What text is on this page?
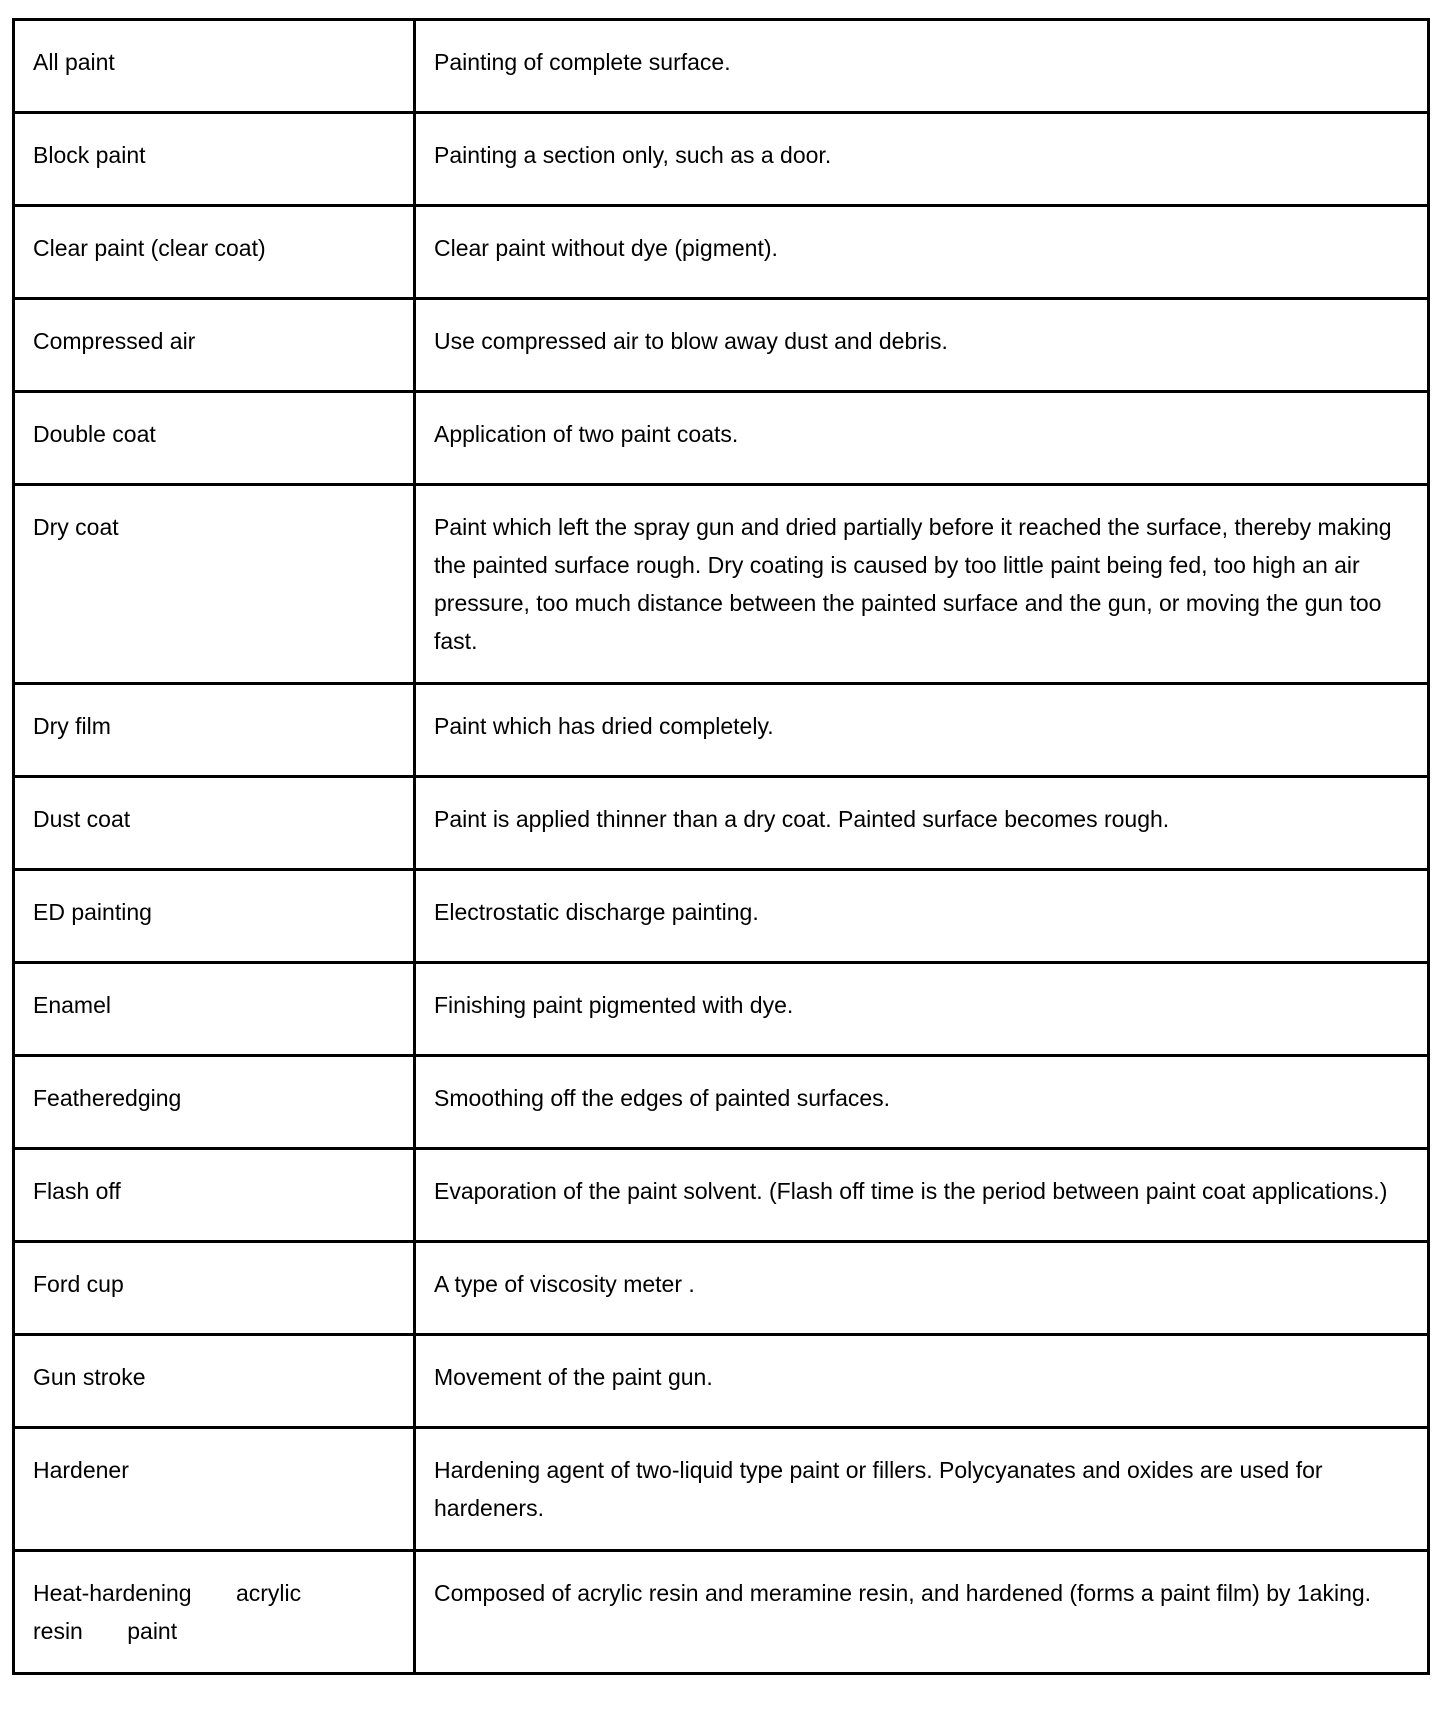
All paint	Painting of complete surface.
Block paint	Painting a section only, such as a door.
Clear paint (clear coat)	Clear paint without dye (pigment).
Compressed air	Use compressed air to blow away dust and debris.
Double coat	Application of two paint coats.
Dry coat	Paint which left the spray gun and dried partially before it reached the surface, thereby making the painted surface rough. Dry coating is caused by too little paint being fed, too high an air pressure, too much distance between the painted surface and the gun, or moving the gun too fast.
Dry film	Paint which has dried completely.
Dust coat	Paint is applied thinner than a dry coat. Painted surface becomes rough.
ED painting	Electrostatic discharge painting.
Enamel	Finishing paint pigmented with dye.
Featheredging	Smoothing off the edges of painted surfaces.
Flash off	Evaporation of the paint solvent. (Flash off time is the period between paint coat applications.)
Ford cup	A type of viscosity meter .
Gun stroke	Movement of the paint gun.
Hardener	Hardening agent of two-liquid type paint or fillers. Polycyanates and oxides are used for hardeners.
Heat-hardening acrylic resin paint	Composed of acrylic resin and meramine resin, and hardened (forms a paint film) by 1aking.
